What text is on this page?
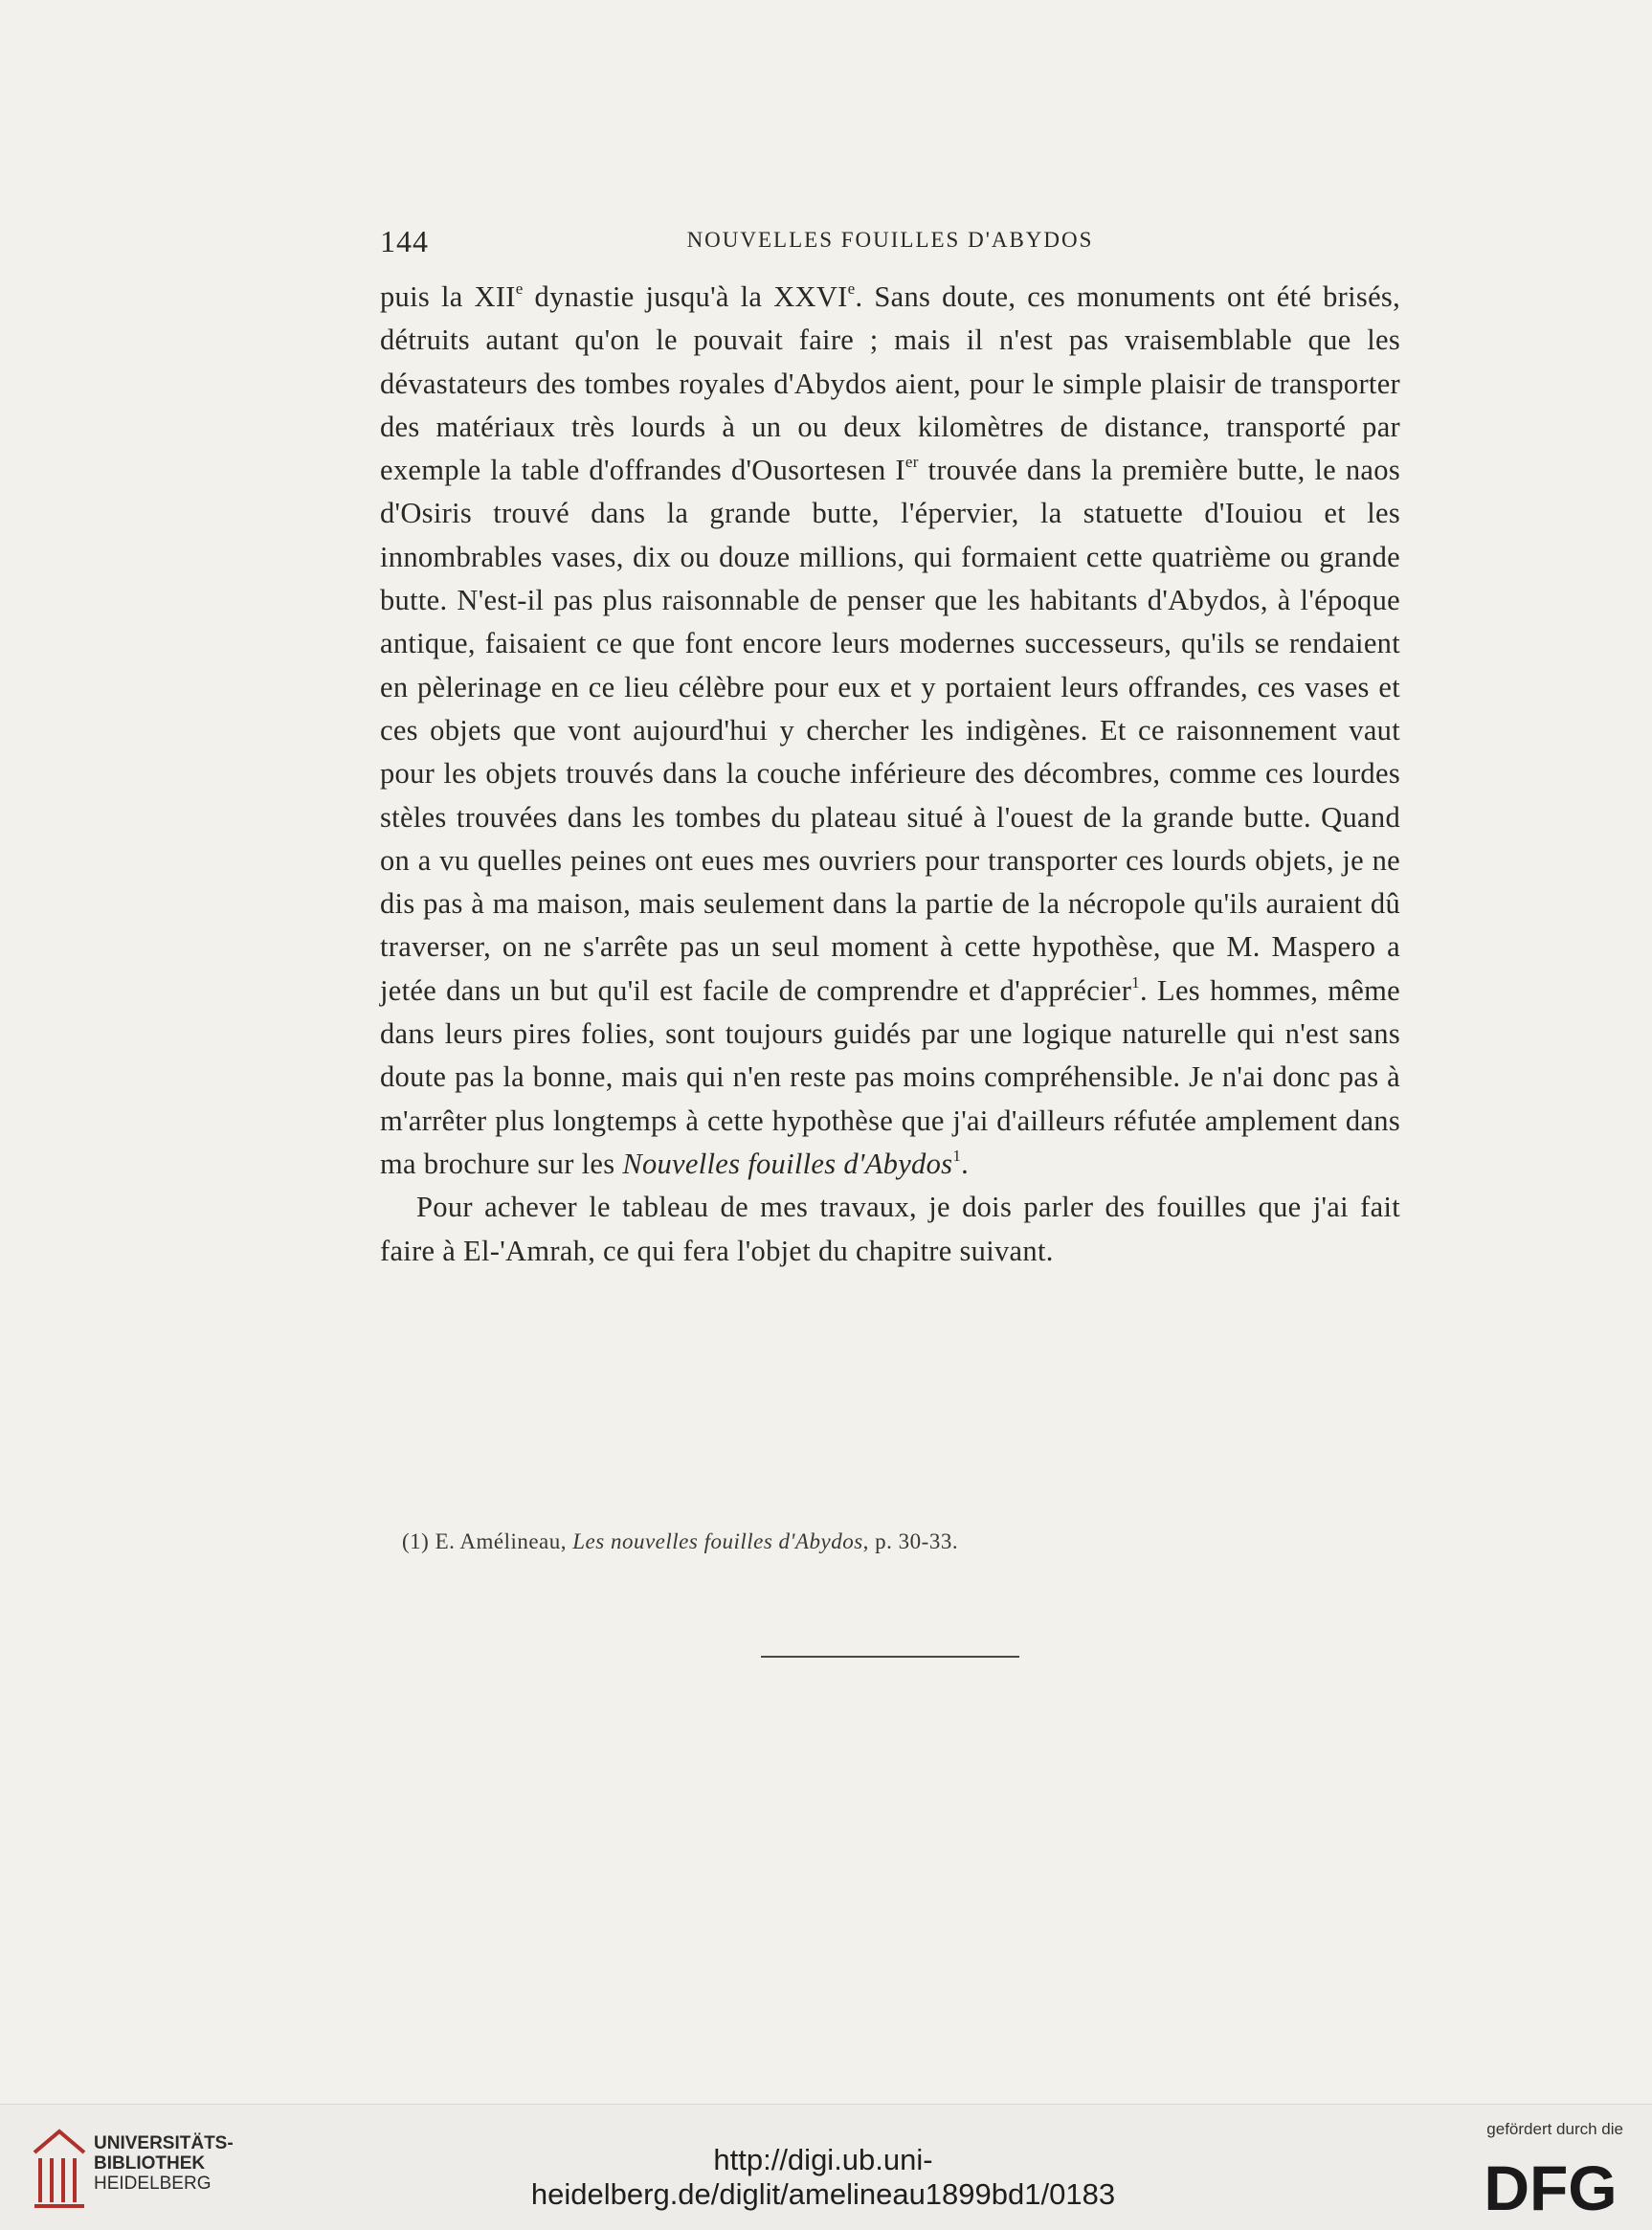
144	NOUVELLES FOUILLES D'ABYDOS

puis la XIIe dynastie jusqu'à la XXVIe. Sans doute, ces monuments ont été brisés, détruits autant qu'on le pouvait faire ; mais il n'est pas vraisemblable que les dévastateurs des tombes royales d'Abydos aient, pour le simple plaisir de transporter des matériaux très lourds à un ou deux kilomètres de distance, transporté par exemple la table d'offrandes d'Ousortesen Ier trouvée dans la première butte, le naos d'Osiris trouvé dans la grande butte, l'épervier, la statuette d'Iouiou et les innombrables vases, dix ou douze millions, qui formaient cette quatrième ou grande butte. N'est-il pas plus raisonnable de penser que les habitants d'Abydos, à l'époque antique, faisaient ce que font encore leurs modernes successeurs, qu'ils se rendaient en pèlerinage en ce lieu célèbre pour eux et y portaient leurs offrandes, ces vases et ces objets que vont aujourd'hui y chercher les indigènes. Et ce raisonnement vaut pour les objets trouvés dans la couche inférieure des décombres, comme ces lourdes stèles trouvées dans les tombes du plateau situé à l'ouest de la grande butte. Quand on a vu quelles peines ont eues mes ouvriers pour transporter ces lourds objets, je ne dis pas à ma maison, mais seulement dans la partie de la nécropole qu'ils auraient dû traverser, on ne s'arrête pas un seul moment à cette hypothèse, que M. Maspero a jetée dans un but qu'il est facile de comprendre et d'apprécier$^1$. Les hommes, même dans leurs pires folies, sont toujours guidés par une logique naturelle qui n'est sans doute pas la bonne, mais qui n'en reste pas moins compréhensible. Je n'ai donc pas à m'arrêter plus longtemps à cette hypothèse que j'ai d'ailleurs réfutée amplement dans ma brochure sur les Nouvelles fouilles d'Abydos$^1$.

Pour achever le tableau de mes travaux, je dois parler des fouilles que j'ai fait faire à El-'Amrah, ce qui fera l'objet du chapitre suivant.

(1) E. Amélineau, Les nouvelles fouilles d'Abydos, p. 30-33.
UNIVERSITÄTS-
BIBLIOTHEK
HEIDELBERG
http://digi.ub.uni-heidelberg.de/diglit/amelineau1899bd1/0183
gefördert durch die
DFG
